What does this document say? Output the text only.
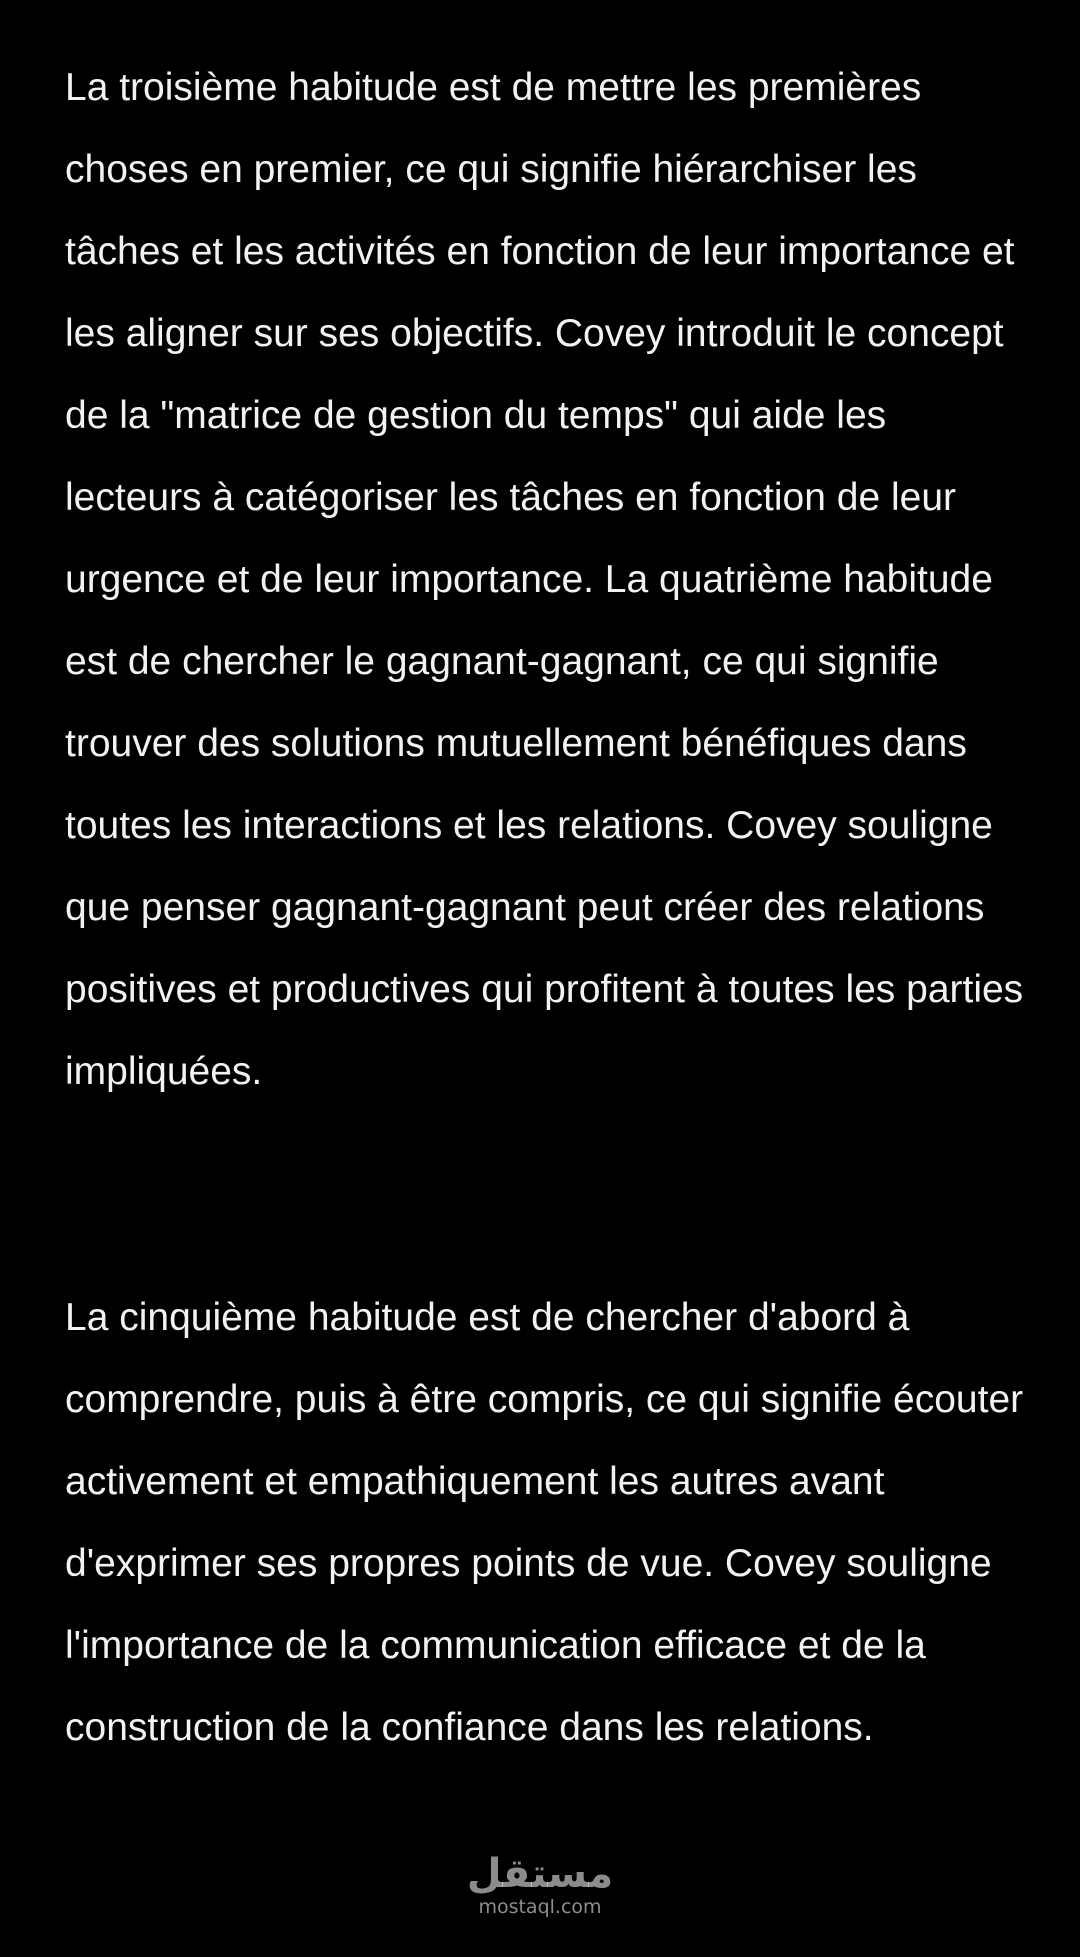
La troisième habitude est de mettre les premières choses en premier, ce qui signifie hiérarchiser les tâches et les activités en fonction de leur importance et les aligner sur ses objectifs. Covey introduit le concept de la "matrice de gestion du temps" qui aide les lecteurs à catégoriser les tâches en fonction de leur urgence et de leur importance. La quatrième habitude est de chercher le gagnant-gagnant, ce qui signifie trouver des solutions mutuellement bénéfiques dans toutes les interactions et les relations. Covey souligne que penser gagnant-gagnant peut créer des relations positives et productives qui profitent à toutes les parties impliquées.

La cinquième habitude est de chercher d'abord à comprendre, puis à être compris, ce qui signifie écouter activement et empathiquement les autres avant d'exprimer ses propres points de vue. Covey souligne l'importance de la communication efficace et de la construction de la confiance dans les relations.

مستقل
mostaql.com
